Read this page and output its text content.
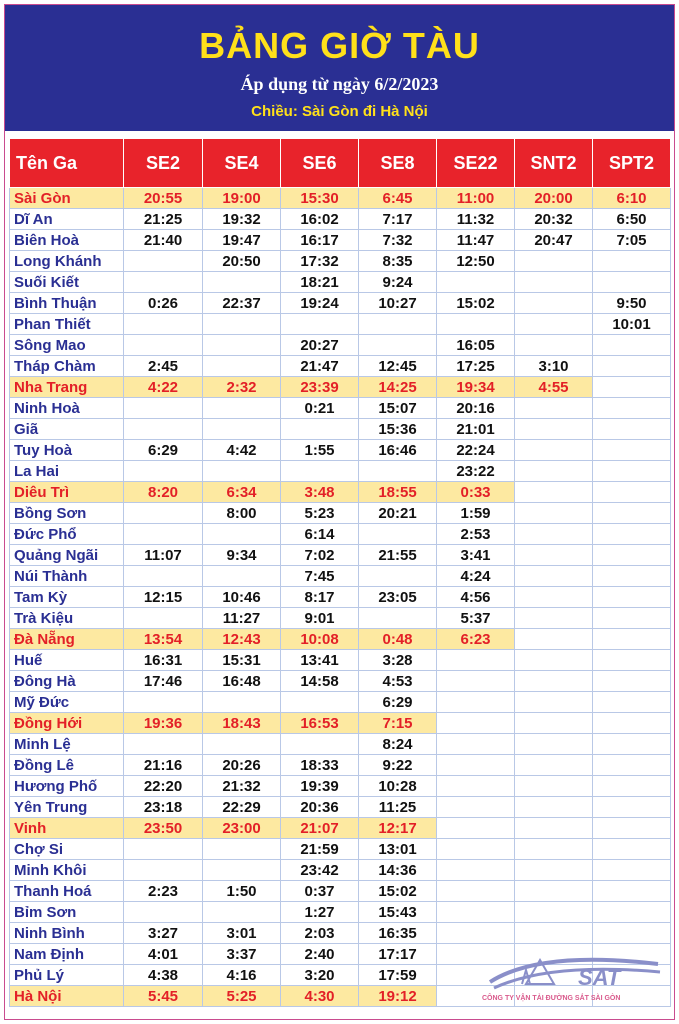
BẢNG GIỜ TÀU
Áp dụng từ ngày 6/2/2023
Chiều: Sài Gòn đi Hà Nội
Tên Ga	SE2	SE4	SE6	SE8	SE22	SNT2	SPT2
Sài Gòn	20:55	19:00	15:30	6:45	11:00	20:00	6:10
Dĩ An	21:25	19:32	16:02	7:17	11:32	20:32	6:50
Biên Hoà	21:40	19:47	16:17	7:32	11:47	20:47	7:05
Long Khánh		20:50	17:32	8:35	12:50		
Suối Kiết			18:21	9:24			
Bình Thuận	0:26	22:37	19:24	10:27	15:02		9:50
Phan Thiết							10:01
Sông Mao			20:27		16:05		
Tháp Chàm	2:45		21:47	12:45	17:25	3:10	
Nha Trang	4:22	2:32	23:39	14:25	19:34	4:55	
Ninh Hoà			0:21	15:07	20:16		
Giã				15:36	21:01		
Tuy Hoà	6:29	4:42	1:55	16:46	22:24		
La Hai					23:22		
Diêu Trì	8:20	6:34	3:48	18:55	0:33		
Bồng Sơn		8:00	5:23	20:21	1:59		
Đức Phổ			6:14		2:53		
Quảng Ngãi	11:07	9:34	7:02	21:55	3:41		
Núi Thành			7:45		4:24		
Tam Kỳ	12:15	10:46	8:17	23:05	4:56		
Trà Kiệu		11:27	9:01		5:37		
Đà Nẵng	13:54	12:43	10:08	0:48	6:23		
Huế	16:31	15:31	13:41	3:28			
Đông Hà	17:46	16:48	14:58	4:53			
Mỹ Đức				6:29			
Đồng Hới	19:36	18:43	16:53	7:15			
Minh Lệ				8:24			
Đồng Lê	21:16	20:26	18:33	9:22			
Hương Phố	22:20	21:32	19:39	10:28			
Yên Trung	23:18	22:29	20:36	11:25			
Vinh	23:50	23:00	21:07	12:17			
Chợ Si			21:59	13:01			
Minh Khôi			23:42	14:36			
Thanh Hoá	2:23	1:50	0:37	15:02			
Bỉm Sơn			1:27	15:43			
Ninh Bình	3:27	3:01	2:03	16:35			
Nam Định	4:01	3:37	2:40	17:17			
Phủ Lý	4:38	4:16	3:20	17:59			
Hà Nội	5:45	5:25	4:30	19:12			
SAT
CÔNG TY VẬN TẢI ĐƯỜNG SẮT SÀI GÒN
